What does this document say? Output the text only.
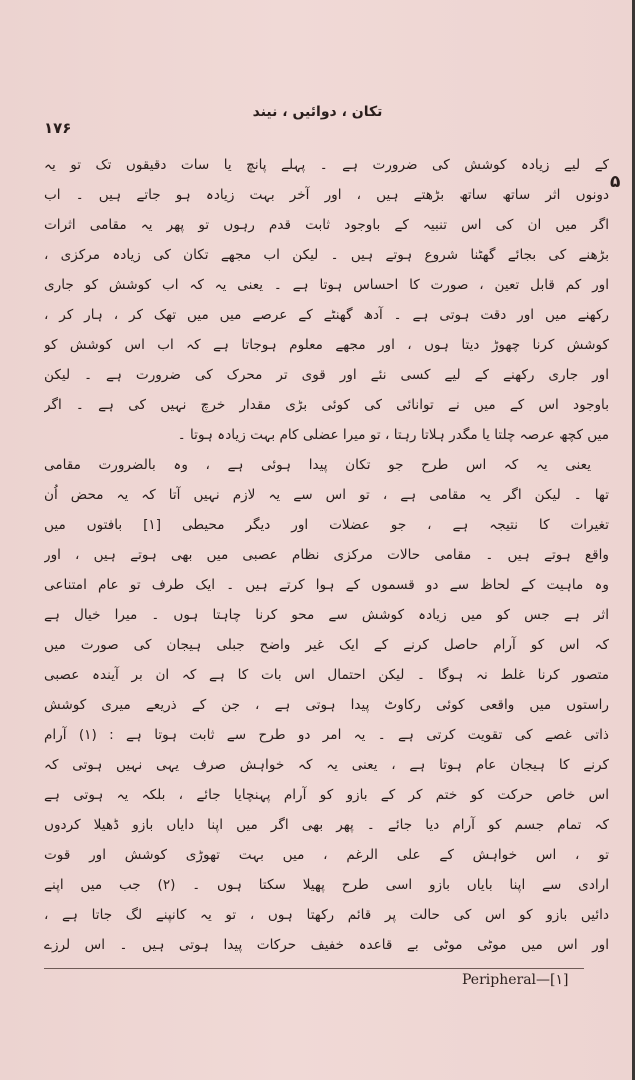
تکان ، دوائیں ، نیند
۱۷۶
۵
کے لیے زیادہ کوشش کی ضرورت ہے ۔ پہلے پانچ یا سات دقیقوں تک تو یہ
دونوں اثر ساتھ ساتھ بڑھتے ہیں ، اور آخر بہت زیادہ ہو جاتے ہیں ۔ اب
اگر میں ان کی اس تنبیہ کے باوجود ثابت قدم رہوں تو پھر یہ مقامی اثرات
بڑھنے کی بجائے گھٹنا شروع ہوتے ہیں ۔ لیکن اب مجھے تکان کی زیادہ مرکزی ،
اور کم قابل تعین ، صورت کا احساس ہوتا ہے ۔ یعنی یہ کہ اب کوشش کو جاری
رکھنے میں اور دقت ہوتی ہے ۔ آدھ گھنٹے کے عرصے میں میں تھک کر ، ہار کر ،
کوشش کرنا چھوڑ دیتا ہوں ، اور مجھے معلوم ہوجاتا ہے کہ اب اس کوشش کو
اور جاری رکھنے کے لیے کسی نئے اور قوی تر محرک کی ضرورت ہے ۔ لیکن
باوجود اس کے میں نے توانائی کی کوئی بڑی مقدار خرچ نہیں کی ہے ۔ اگر
میں کچھ عرصہ چلتا یا مگدر ہلاتا رہتا ، تو میرا عضلی کام بہت زیادہ ہوتا ۔
یعنی یہ کہ اس طرح جو تکان پیدا ہوئی ہے ، وہ بالضرورت مقامی
تھا ۔ لیکن اگر یہ مقامی ہے ، تو اس سے یہ لازم نہیں آتا کہ یہ محض اُن
تغیرات کا نتیجہ ہے ، جو عضلات اور دیگر محیطی [۱] بافتوں میں
واقع ہوتے ہیں ۔ مقامی حالات مرکزی نظام عصبی میں بھی ہوتے ہیں ، اور
وہ ماہیت کے لحاظ سے دو قسموں کے ہوا کرتے ہیں ۔ ایک طرف تو عام امتناعی
اثر ہے جس کو میں زیادہ کوشش سے محو کرنا چاہتا ہوں ۔ میرا خیال ہے
کہ اس کو آرام حاصل کرنے کے ایک غیر واضح جبلی ہیجان کی صورت میں
متصور کرنا غلط نہ ہوگا ۔ لیکن احتمال اس بات کا ہے کہ ان بر آیندہ عصبی
راستوں میں واقعی کوئی رکاوٹ پیدا ہوتی ہے ، جن کے ذریعے میری کوشش
ذاتی غصے کی تقویت کرتی ہے ۔ یہ امر دو طرح سے ثابت ہوتا ہے : (۱) آرام
کرنے کا ہیجان عام ہوتا ہے ، یعنی یہ کہ خواہش صرف یہی نہیں ہوتی کہ
اس خاص حرکت کو ختم کر کے بازو کو آرام پہنچایا جائے ، بلکہ یہ ہوتی ہے
کہ تمام جسم کو آرام دیا جائے ۔ پھر بھی اگر میں اپنا دایاں بازو ڈھیلا کردوں
تو ، اس خواہش کے علی الرغم ، میں بہت تھوڑی کوشش اور قوت
ارادی سے اپنا بایاں بازو اسی طرح پھیلا سکتا ہوں ۔ (۲) جب میں اپنے
دائیں بازو کو اس کی حالت پر قائم رکھتا ہوں ، تو یہ کانپنے لگ جاتا ہے ،
اور اس میں موٹی موٹی بے قاعدہ خفیف حرکات پیدا ہوتی ہیں ۔ اس لرزے
Peripheral—[۱]
